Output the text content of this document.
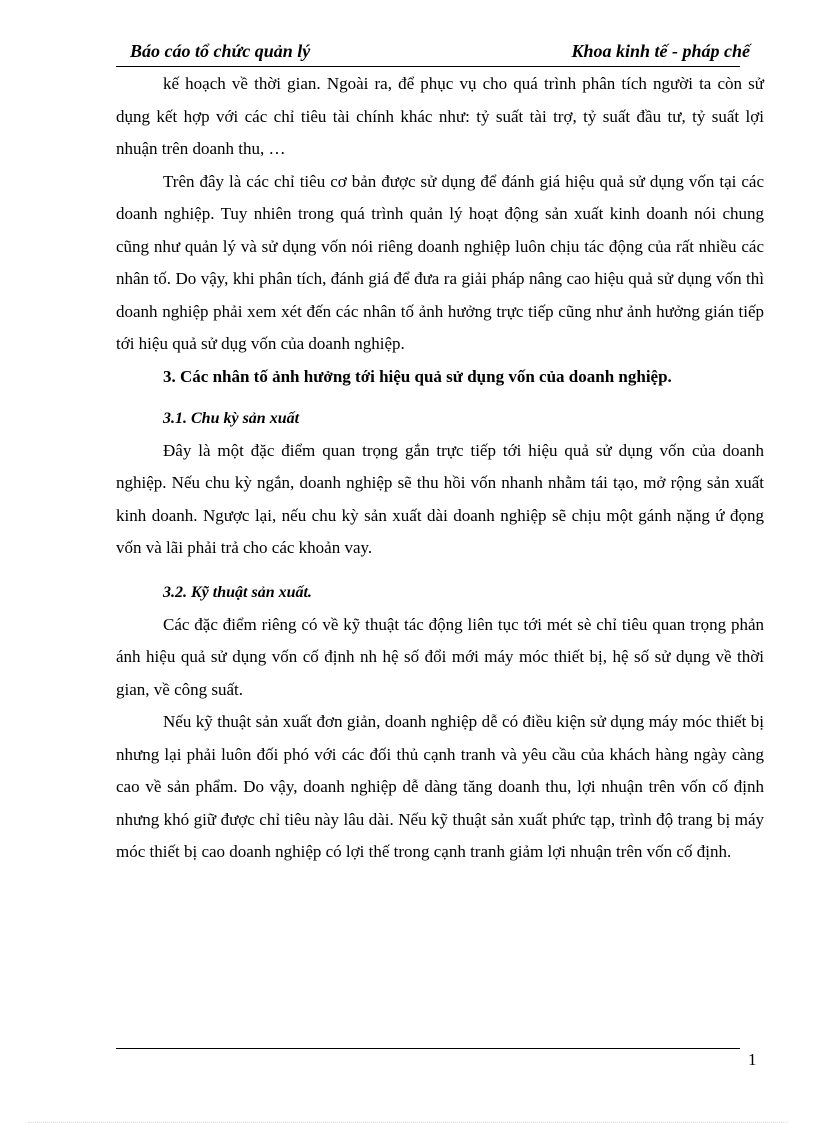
Báo cáo tổ chức quản lý	Khoa kinh tế - pháp chế

kế hoạch về thời gian. Ngoài ra, để phục vụ cho quá trình phân tích người ta còn sử dụng kết hợp với các chỉ tiêu tài chính khác như: tỷ suất tài trợ, tỷ suất đầu tư, tỷ suất lợi nhuận trên doanh thu, …

Trên đây là các chỉ tiêu cơ bản được sử dụng để đánh giá hiệu quả sử dụng vốn tại các doanh nghiệp. Tuy nhiên trong quá trình quản lý hoạt động sản xuất kinh doanh nói chung cũng như quản lý và sử dụng vốn nói riêng doanh nghiệp luôn chịu tác động của rất nhiều các nhân tố. Do vậy, khi phân tích, đánh giá để đưa ra giải pháp nâng cao hiệu quả sử dụng vốn thì doanh nghiệp phải xem xét đến các nhân tố ảnh hưởng trực tiếp cũng như ảnh hưởng gián tiếp tới hiệu quả sử dụg vốn của doanh nghiệp.

3. Các nhân tố ảnh hưởng tới hiệu quả sử dụng vốn của doanh nghiệp.
3.1. Chu kỳ sản xuất

Đây là một đặc điểm quan trọng gắn trực tiếp tới hiệu quả sử dụng vốn của doanh nghiệp. Nếu chu kỳ ngắn, doanh nghiệp sẽ thu hồi vốn nhanh nhằm tái tạo, mở rộng sản xuất kinh doanh. Ngược lại, nếu chu kỳ sản xuất dài doanh nghiệp sẽ chịu một gánh nặng ứ đọng vốn và lãi phải trả cho các khoản vay.

3.2. Kỹ thuật sản xuất.

Các đặc điểm riêng có về kỹ thuật tác động liên tục tới mét sè chỉ tiêu quan trọng phản ánh hiệu quả sử dụng vốn cố định nh hệ số đổi mới máy móc thiết bị, hệ số sử dụng về thời gian, về công suất.

Nếu kỹ thuật sản xuất đơn giản, doanh nghiệp dễ có điều kiện sử dụng máy móc thiết bị nhưng lại phải luôn đối phó với các đối thủ cạnh tranh và yêu cầu của khách hàng ngày càng cao về sản phẩm. Do vậy, doanh nghiệp dễ dàng tăng doanh thu, lợi nhuận trên vốn cố định nhưng khó giữ được chỉ tiêu này lâu dài. Nếu kỹ thuật sản xuất phức tạp, trình độ trang bị máy móc thiết bị cao doanh nghiệp có lợi thế trong cạnh tranh giảm lợi nhuận trên vốn cố định.

1
